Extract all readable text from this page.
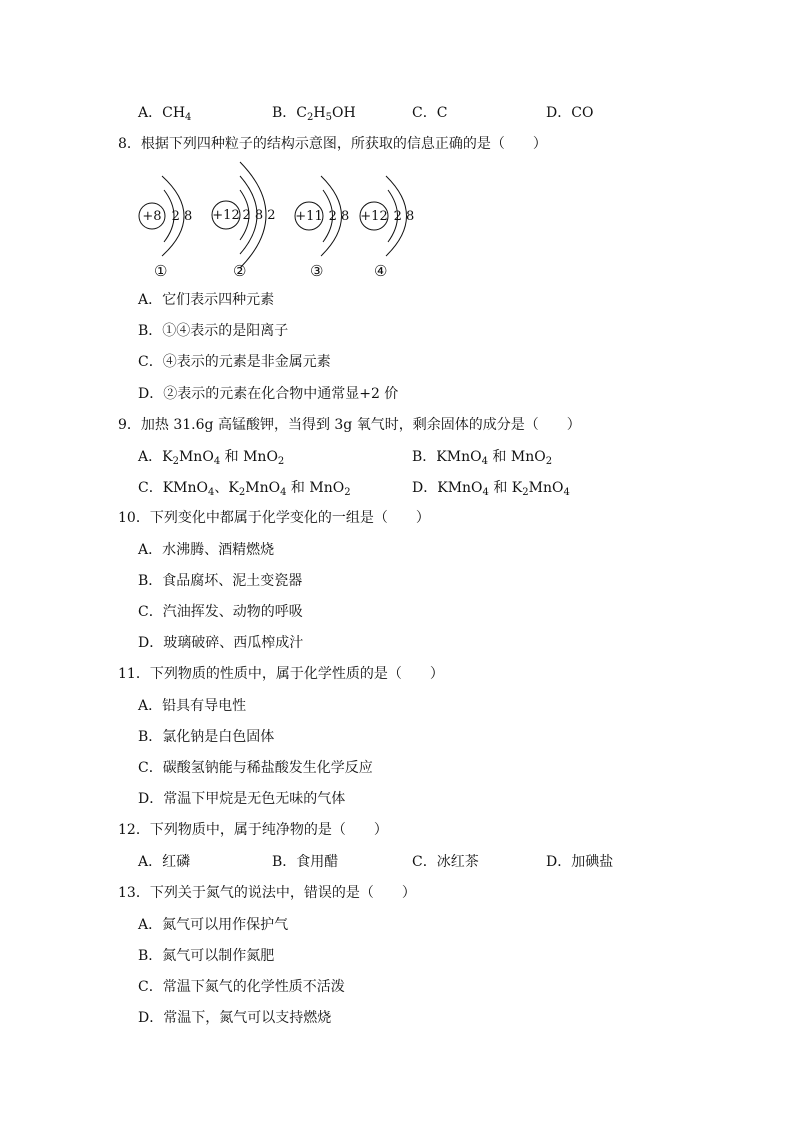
A．$CH_4$	B．$C_2H_5OH$	C．C	D．CO
8．根据下列四种粒子的结构示意图，所获取的信息正确的是（　　）
+8 2 8
①
+12 2 8 2
②
+11 2 8
③
+12 2 8
④
A．它们表示四种元素
B．①④表示的是阳离子
C．④表示的元素是非金属元素
D．②表示的元素在化合物中通常显+2 价
9．加热 31.6g 高锰酸钾，当得到 3g 氧气时，剩余固体的成分是（　　）
A．$K_2MnO_4$ 和 MnO$_2$	B．KMnO$_4$ 和 MnO$_2$
C．KMnO$_4$、$K_2MnO_4$ 和 MnO$_2$	D．KMnO$_4$ 和 $K_2MnO_4$
10．下列变化中都属于化学变化的一组是（　　）
A．水沸腾、酒精燃烧
B．食品腐坏、泥土变瓷器
C．汽油挥发、动物的呼吸
D．玻璃破碎、西瓜榨成汁
11．下列物质的性质中，属于化学性质的是（　　）
A．铅具有导电性
B．氯化钠是白色固体
C．碳酸氢钠能与稀盐酸发生化学反应
D．常温下甲烷是无色无味的气体
12．下列物质中，属于纯净物的是（　　）
A．红磷	B．食用醋	C．冰红茶	D．加碘盐
13．下列关于氮气的说法中，错误的是（　　）
A．氮气可以用作保护气
B．氮气可以制作氮肥
C．常温下氮气的化学性质不活泼
D．常温下，氮气可以支持燃烧
